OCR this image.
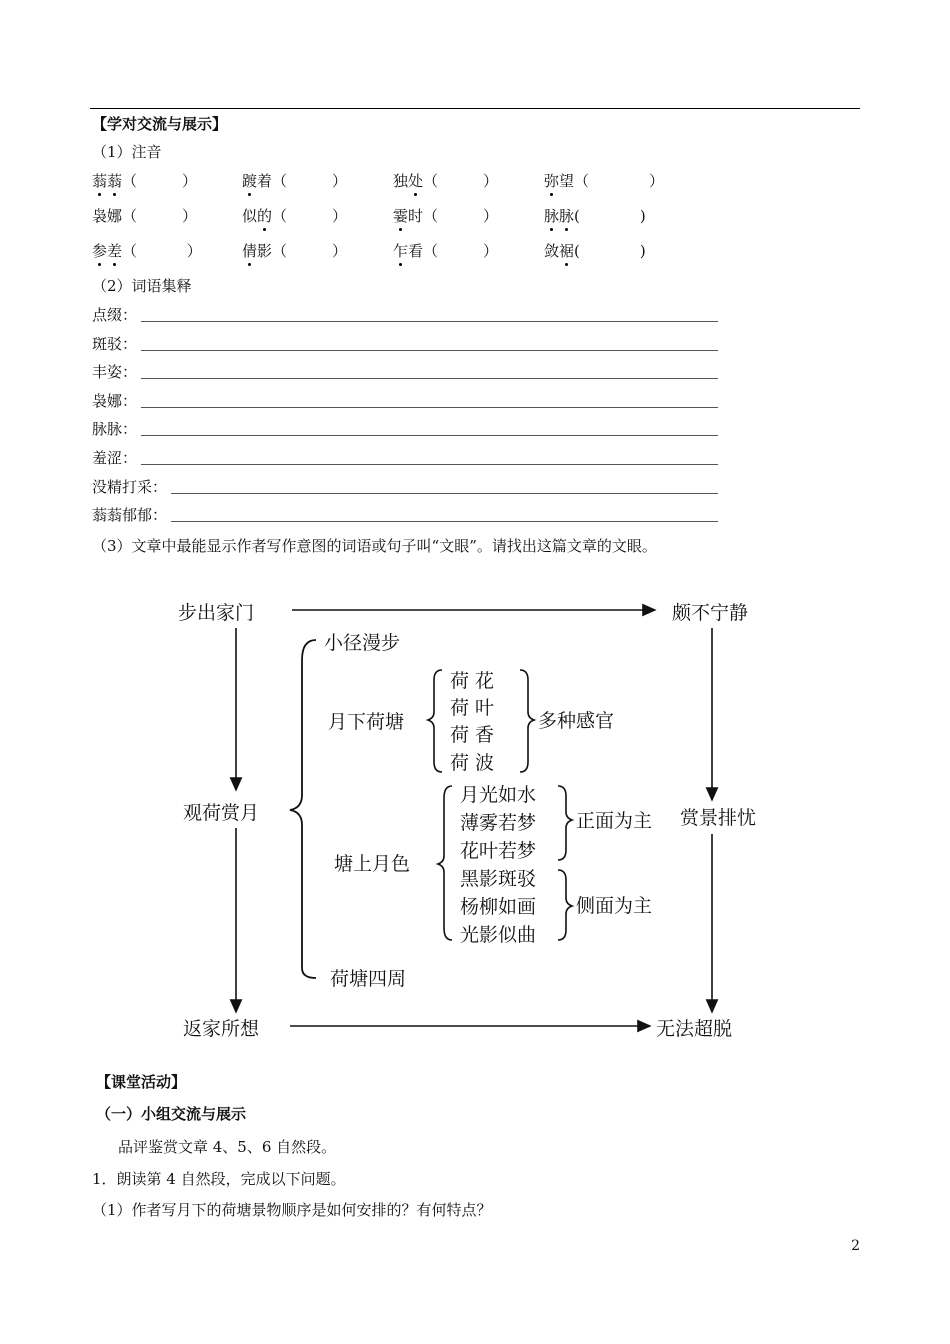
【学对交流与展示】
（1）注音
蓊蓊（　　　）	踱着（　　　）	独处（　　　）	弥望（　　　　）
袅娜（　　　）	似的（　　　）	霎时（　　　）	脉脉(　　　　)
参差（　　　 ）	倩影（　　　）	乍看（　　　）	敛裾(　　　　)
（2）词语集释
点缀：
斑驳：
丰姿：
袅娜：
脉脉：
羞涩：
没精打采：
蓊蓊郁郁：
（3）文章中最能显示作者写作意图的词语或句子叫“文眼”。请找出这篇文章的文眼。
步出家门
观荷赏月
返家所想
颇不宁静
赏景排忧
无法超脱
小径漫步
月下荷塘
塘上月色
荷塘四周
荷 花
荷 叶
荷 香
荷 波
多种感官
月光如水
薄雾若梦
花叶若梦
正面为主
黑影斑驳
杨柳如画
光影似曲
侧面为主
【课堂活动】
（一）小组交流与展示
品评鉴赏文章 4、5、6 自然段。
1．朗读第 4 自然段，完成以下问题。
（1）作者写月下的荷塘景物顺序是如何安排的？有何特点？
2
